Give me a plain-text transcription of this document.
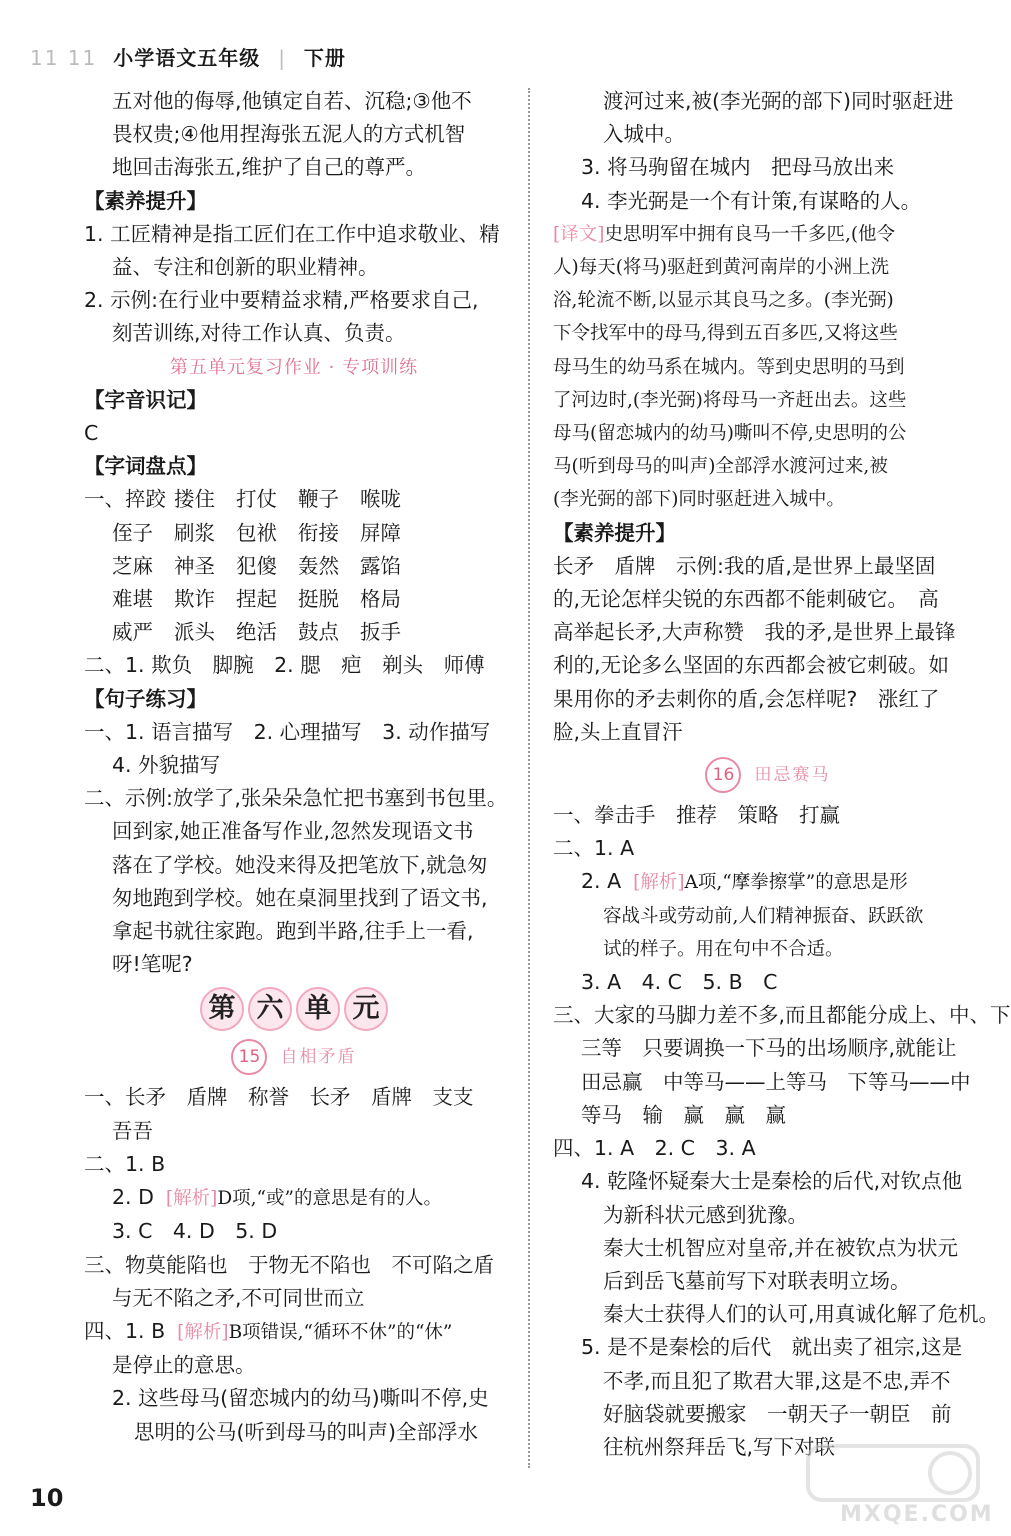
11 11 小学语文五年级 | 下册
五对他的侮辱,他镇定自若、沉稳;③他不
畏权贵;④他用捏海张五泥人的方式机智
地回击海张五,维护了自己的尊严。
【素养提升】
1. 工匠精神是指工匠们在工作中追求敬业、精
益、专注和创新的职业精神。
2. 示例:在行业中要精益求精,严格要求自己,
刻苦训练,对待工作认真、负责。
第五单元复习作业 · 专项训练
【字音识记】
C
【字词盘点】
一、捽跤 搂住 打仗 鞭子 喉咙
侄子 刷浆 包袱 衔接 屏障
芝麻 神圣 犯傻 轰然 露馅
难堪 欺诈 捏起 挺脱 格局
威严 派头 绝活 鼓点 扳手
二、1. 欺负　脚腕　2. 腮　疤　剃头　师傅
【句子练习】
一、1. 语言描写　2. 心理描写　3. 动作描写
4. 外貌描写
二、示例:放学了,张朵朵急忙把书塞到书包里。
回到家,她正准备写作业,忽然发现语文书
落在了学校。她没来得及把笔放下,就急匆
匆地跑到学校。她在桌洞里找到了语文书,
拿起书就往家跑。跑到半路,往手上一看,
呀!笔呢?
第 六 单 元
15 自相矛盾
一、长矛　盾牌　称誉　长矛　盾牌　支支
吾吾
二、1. B
2. D [解析]D项,“或”的意思是有的人。
3. C　4. D　5. D
三、物莫能陷也　于物无不陷也　不可陷之盾
与无不陷之矛,不可同世而立
四、1. B [解析]B项错误,“循环不休”的“休”
是停止的意思。
2. 这些母马(留恋城内的幼马)嘶叫不停,史
思明的公马(听到母马的叫声)全部浮水
渡河过来,被(李光弼的部下)同时驱赶进
入城中。
3. 将马驹留在城内　把母马放出来
4. 李光弼是一个有计策,有谋略的人。
[译文]史思明军中拥有良马一千多匹,(他令
人)每天(将马)驱赶到黄河南岸的小洲上洗
浴,轮流不断,以显示其良马之多。(李光弼)
下令找军中的母马,得到五百多匹,又将这些
母马生的幼马系在城内。等到史思明的马到
了河边时,(李光弼)将母马一齐赶出去。这些
母马(留恋城内的幼马)嘶叫不停,史思明的公
马(听到母马的叫声)全部浮水渡河过来,被
(李光弼的部下)同时驱赶进入城中。
【素养提升】
长矛　盾牌　示例:我的盾,是世界上最坚固
的,无论怎样尖锐的东西都不能刺破它。　高
高举起长矛,大声称赞　我的矛,是世界上最锋
利的,无论多么坚固的东西都会被它刺破。如
果用你的矛去刺你的盾,会怎样呢?　涨红了
脸,头上直冒汗
16 田忌赛马
一、拳击手　推荐　策略　打赢
二、1. A
2. A [解析]A项,“摩拳擦掌”的意思是形
容战斗或劳动前,人们精神振奋、跃跃欲
试的样子。用在句中不合适。
3. A　4. C　5. B　C
三、大家的马脚力差不多,而且都能分成上、中、下
三等　只要调换一下马的出场顺序,就能让
田忌赢　中等马——上等马　下等马——中
等马　输　赢　赢　赢
四、1. A　2. C　3. A
4. 乾隆怀疑秦大士是秦桧的后代,对钦点他
为新科状元感到犹豫。
秦大士机智应对皇帝,并在被钦点为状元
后到岳飞墓前写下对联表明立场。
秦大士获得人们的认可,用真诚化解了危机。
5. 是不是秦桧的后代　就出卖了祖宗,这是
不孝,而且犯了欺君大罪,这是不忠,弄不
好脑袋就要搬家　一朝天子一朝臣　前
往杭州祭拜岳飞,写下对联
10
MXQE.COM
